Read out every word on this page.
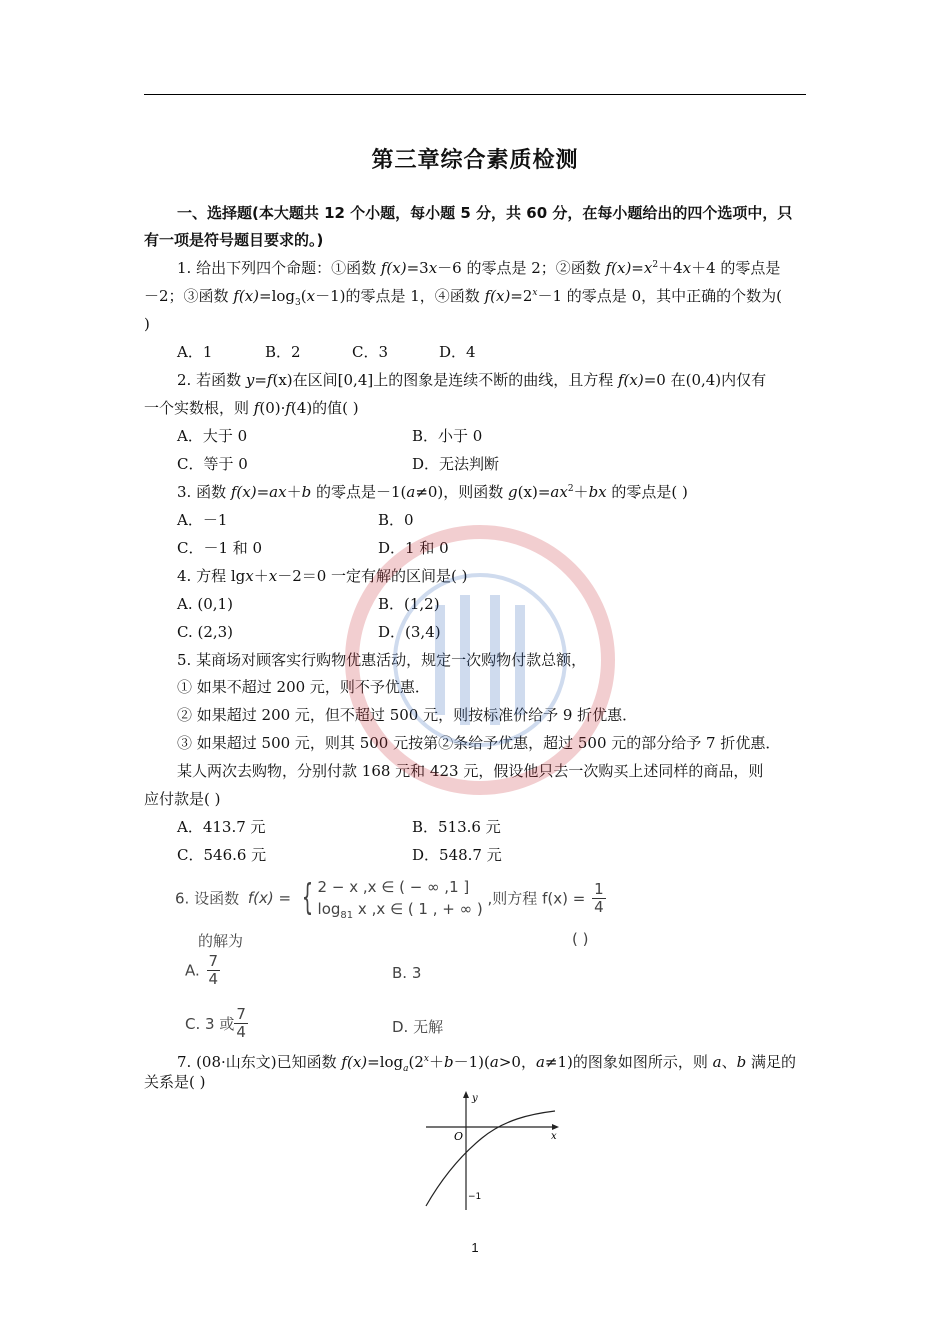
第三章综合素质检测
一、选择题(本大题共 12 个小题，每小题 5 分，共 60 分，在每小题给出的四个选项中，只
有一项是符号题目要求的。)
1. 给出下列四个命题：①函数 f(x)=3x－6 的零点是 2；②函数 $f(x)=x^2+4x+4$ 的零点是
－2；③函数 $f(x)=\log_3(x-1)$的零点是 1，④函数 $f(x)=2^x-1$ 的零点是 0，其中正确的个数为(
)
A．1	B．2	C．3	D．4
2. 若函数 y=f(x)在区间[0,4]上的图象是连续不断的曲线，且方程 f(x)=0 在(0,4)内仅有
一个实数根，则 f(0)·f(4)的值( )
A．大于 0	B．小于 0
C．等于 0	D．无法判断
3. 函数 f(x)=ax＋b 的零点是－1(a≠0)，则函数 $g(x)=ax^2+bx$ 的零点是( )
A．－1	B．0
C．－1 和 0	D．1 和 0
4. 方程 lgx＋x－2＝0 一定有解的区间是( )
A. (0,1)	B．(1,2)
C. (2,3)	D．(3,4)
5. 某商场对顾客实行购物优惠活动，规定一次购物付款总额，
① 如果不超过 200 元，则不予优惠．
② 如果超过 200 元，但不超过 500 元，则按标准价给予 9 折优惠．
③ 如果超过 500 元，则其 500 元按第②条给予优惠，超过 500 元的部分给予 7 折优惠．
某人两次去购物，分别付款 168 元和 423 元，假设他只去一次购买上述同样的商品，则
应付款是( )
A．413.7 元	B．513.6 元
C．546.6 元	D．548.7 元
6. 设函数 f(x) = { 2 − x ,x ∈ ( − ∞ ,1 ]
$\log_{81} x$ ,x ∈ ( 1 , + ∞ )
,则方程 $f(x) = \frac{1}{4}$
的解为	( )
A. $\frac{7}{4}$	B. 3
C. 3 或 $\frac{7}{4}$	D. 无解
7. (08·山东文)已知函数 $f(x)=\log_a(2^x+b-1)(a>0$，a≠1)的图象如图所示，则 a、b 满足的
关系是( )
y
x
O
−1
1
